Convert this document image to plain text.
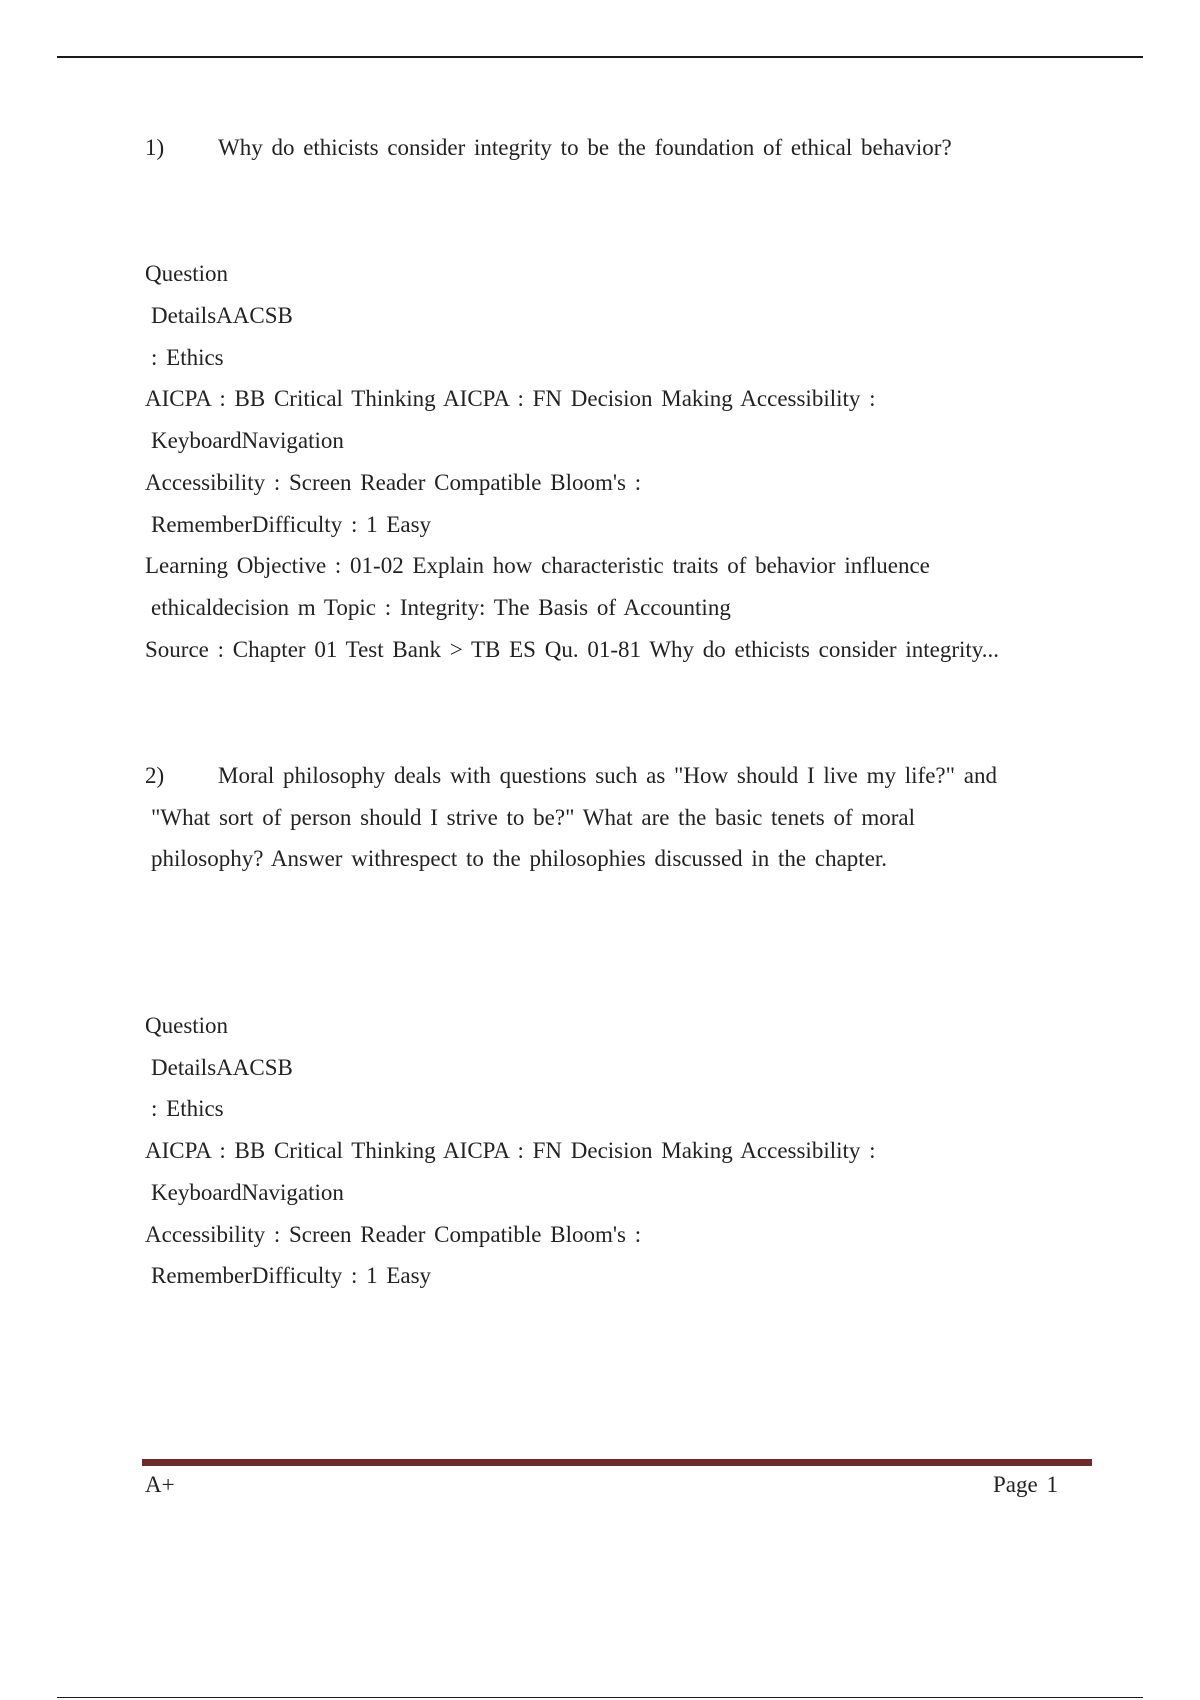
1) Why do ethicists consider integrity to be the foundation of ethical behavior?
Question
DetailsAACSB
: Ethics
AICPA : BB Critical Thinking AICPA : FN Decision Making Accessibility :
KeyboardNavigation
Accessibility : Screen Reader Compatible Bloom's :
RememberDifficulty : 1 Easy
Learning Objective : 01-02 Explain how characteristic traits of behavior influence
ethicaldecision m Topic : Integrity: The Basis of Accounting
Source : Chapter 01 Test Bank > TB ES Qu. 01-81 Why do ethicists consider integrity...
2) Moral philosophy deals with questions such as "How should I live my life?" and
"What sort of person should I strive to be?" What are the basic tenets of moral
philosophy? Answer withrespect to the philosophies discussed in the chapter.
Question
DetailsAACSB
: Ethics
AICPA : BB Critical Thinking AICPA : FN Decision Making Accessibility :
KeyboardNavigation
Accessibility : Screen Reader Compatible Bloom's :
RememberDifficulty : 1 Easy
A+	Page 1
